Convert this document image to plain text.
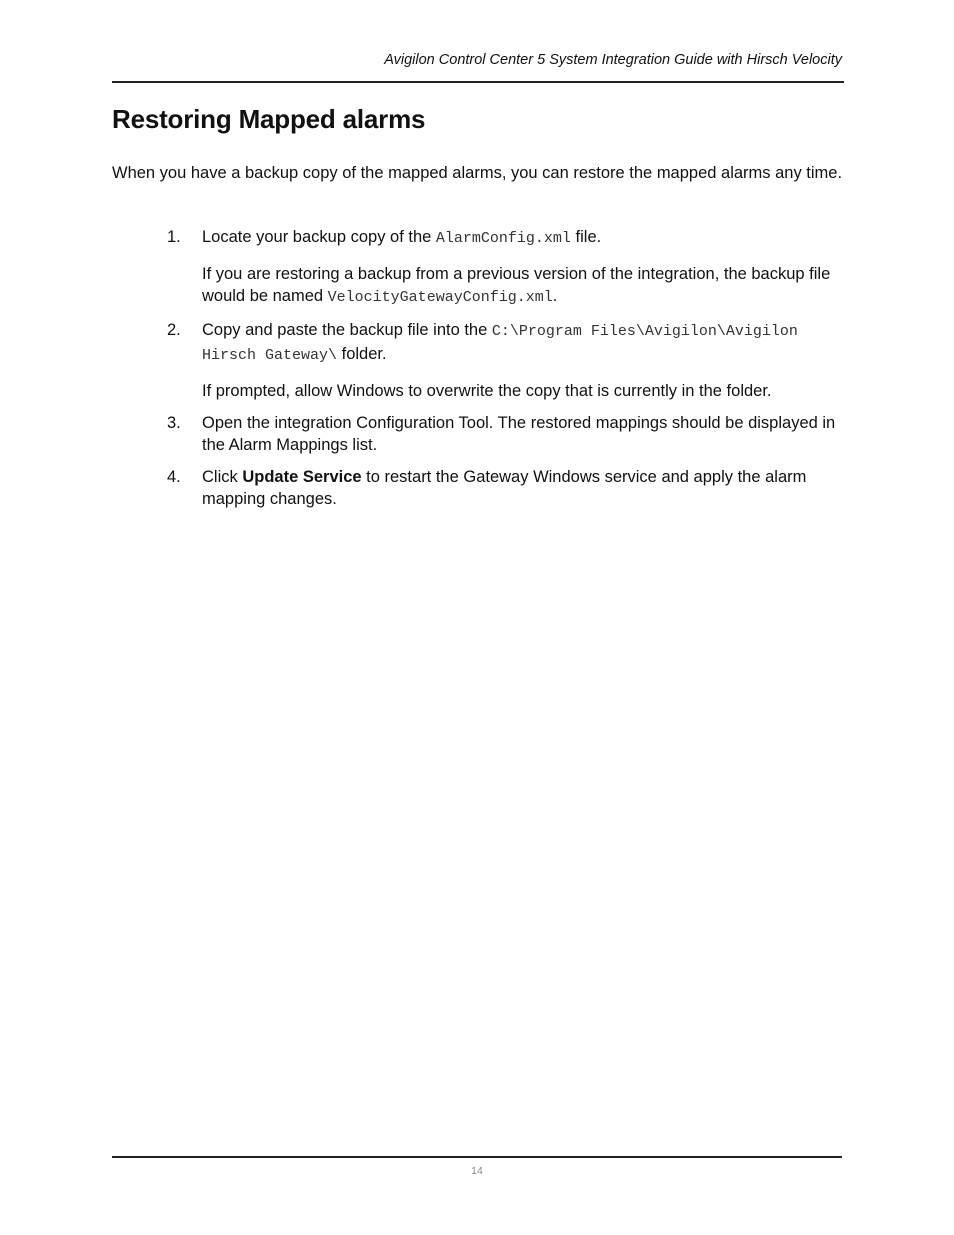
Avigilon Control Center 5 System Integration Guide with Hirsch Velocity
Restoring Mapped alarms

When you have a backup copy of the mapped alarms, you can restore the mapped alarms any time.

1. Locate your backup copy of the AlarmConfig.xml file.

If you are restoring a backup from a previous version of the integration, the backup file would be named VelocityGatewayConfig.xml.

2. Copy and paste the backup file into the C:\Program Files\Avigilon\Avigilon Hirsch Gateway\ folder.

If prompted, allow Windows to overwrite the copy that is currently in the folder.

3. Open the integration Configuration Tool. The restored mappings should be displayed in the Alarm Mappings list.

4. Click Update Service to restart the Gateway Windows service and apply the alarm mapping changes.

14
